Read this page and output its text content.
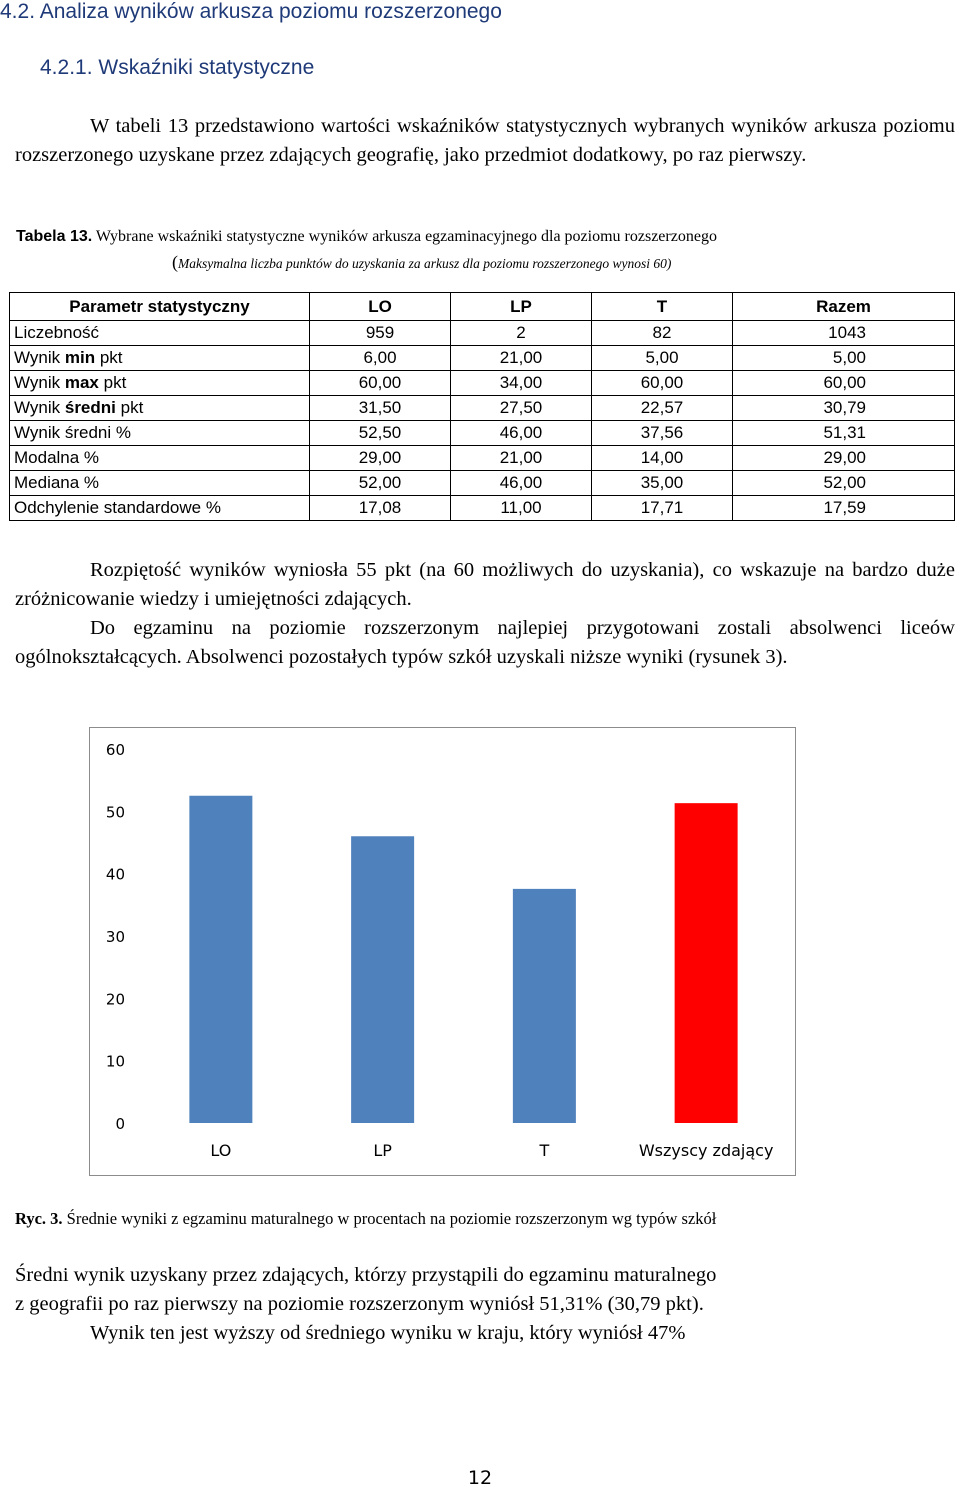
4.2. Analiza wyników arkusza poziomu rozszerzonego
4.2.1. Wskaźniki statystyczne
W tabeli 13 przedstawiono wartości wskaźników statystycznych wybranych wyników arkusza poziomu rozszerzonego uzyskane przez zdających geografię, jako przedmiot dodatkowy, po raz pierwszy.
Tabela 13. Wybrane wskaźniki statystyczne wyników arkusza egzaminacyjnego dla poziomu rozszerzonego
(Maksymalna liczba punktów do uzyskania za arkusz dla poziomu rozszerzonego wynosi 60)
Parametr statystyczny	LO	LP	T	Razem
Liczebność	959	2	82	1043
Wynik min pkt	6,00	21,00	5,00	5,00
Wynik max pkt	60,00	34,00	60,00	60,00
Wynik średni pkt	31,50	27,50	22,57	30,79
Wynik średni %	52,50	46,00	37,56	51,31
Modalna %	29,00	21,00	14,00	29,00
Mediana %	52,00	46,00	35,00	52,00
Odchylenie standardowe %	17,08	11,00	17,71	17,59
Rozpiętość wyników wyniosła 55 pkt (na 60 możliwych do uzyskania), co wskazuje na bardzo duże zróżnicowanie wiedzy i umiejętności zdających.
Do egzaminu na poziomie rozszerzonym najlepiej przygotowani zostali absolwenci liceów ogólnokształcących. Absolwenci pozostałych typów szkół uzyskali niższe wyniki (rysunek 3).
0
10
20
30
40
50
60
LO	LP	T	Wszyscy zdający
Ryc. 3. Średnie wyniki z egzaminu maturalnego w procentach na poziomie rozszerzonym wg typów szkół
Średni wynik uzyskany przez zdających, którzy przystąpili do egzaminu maturalnego
z geografii po raz pierwszy na poziomie rozszerzonym wyniósł 51,31% (30,79 pkt).
Wynik ten jest wyższy od średniego wyniku w kraju, który wyniósł 47%
12
